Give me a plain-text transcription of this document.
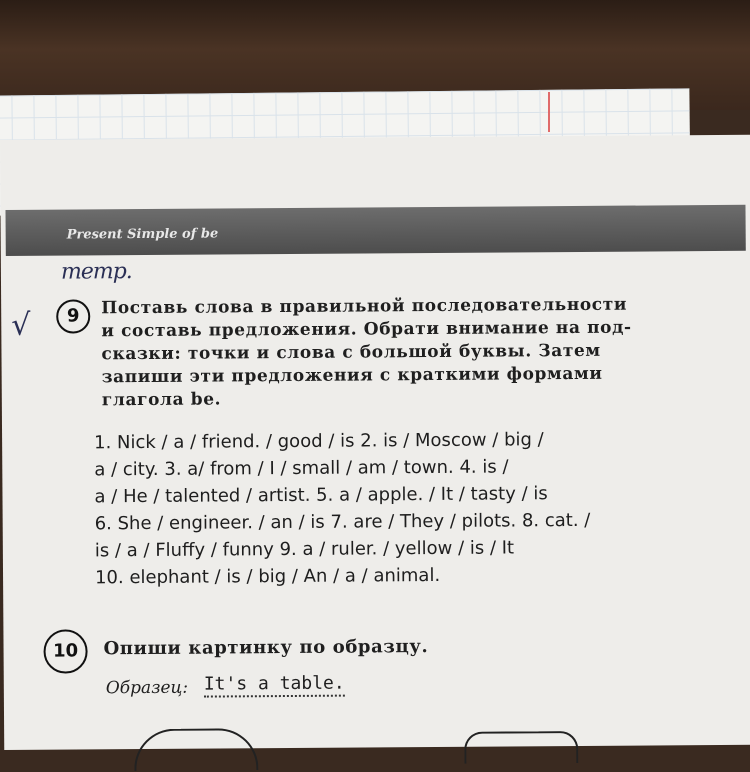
Present Simple of be
тетр.
√	9	Поставь слова в правильной последовательности
и составь предложения. Обрати внимание на под-
сказки: точки и слова с большой буквы. Затем
запиши эти предложения с краткими формами
глагола be.
1. Nick / a / friend. / good / is 2. is / Moscow / big /
a / city. 3. a/ from / I / small / am / town. 4. is /
a / He / talented / artist. 5. a / apple. / It / tasty / is
6. She / engineer. / an / is 7. are / They / pilots. 8. cat. /
is / a / Fluffy / funny 9. a / ruler. / yellow / is / It
10. elephant / is / big / An / a / animal.
10	Опиши картинку по образцу.
Образец: It's a table.
